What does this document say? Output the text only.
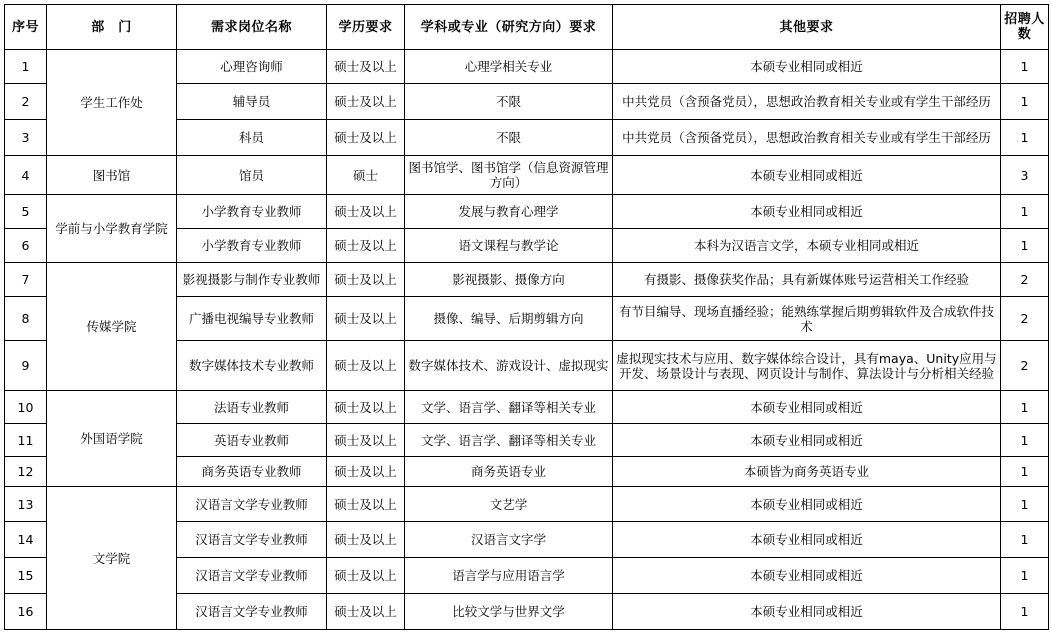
序号	部　门	需求岗位名称	学历要求	学科或专业（研究方向）要求	其他要求	招聘人数
1	学生工作处	心理咨询师	硕士及以上	心理学相关专业	本硕专业相同或相近	1
2		辅导员	硕士及以上	不限	中共党员（含预备党员），思想政治教育相关专业或有学生干部经历	1
3		科员	硕士及以上	不限	中共党员（含预备党员），思想政治教育相关专业或有学生干部经历	1
4	图书馆	馆员	硕士	图书馆学、图书馆学（信息资源管理方向）	本硕专业相同或相近	3
5	学前与小学教育学院	小学教育专业教师	硕士及以上	发展与教育心理学	本硕专业相同或相近	1
6		小学教育专业教师	硕士及以上	语文课程与教学论	本科为汉语言文学，本硕专业相同或相近	1
7	传媒学院	影视摄影与制作专业教师	硕士及以上	影视摄影、摄像方向	有摄影、摄像获奖作品；具有新媒体账号运营相关工作经验	2
8		广播电视编导专业教师	硕士及以上	摄像、编导、后期剪辑方向	有节目编导、现场直播经验；能熟练掌握后期剪辑软件及合成软件技术	2
9		数字媒体技术专业教师	硕士及以上	数字媒体技术、游戏设计、虚拟现实	虚拟现实技术与应用、数字媒体综合设计，具有maya、Unity应用与开发、场景设计与表现、网页设计与制作、算法设计与分析相关经验	2
10	外国语学院	法语专业教师	硕士及以上	文学、语言学、翻译等相关专业	本硕专业相同或相近	1
11		英语专业教师	硕士及以上	文学、语言学、翻译等相关专业	本硕专业相同或相近	1
12		商务英语专业教师	硕士及以上	商务英语专业	本硕皆为商务英语专业	1
13	文学院	汉语言文学专业教师	硕士及以上	文艺学	本硕专业相同或相近	1
14		汉语言文学专业教师	硕士及以上	汉语言文字学	本硕专业相同或相近	1
15		汉语言文学专业教师	硕士及以上	语言学与应用语言学	本硕专业相同或相近	1
16		汉语言文学专业教师	硕士及以上	比较文学与世界文学	本硕专业相同或相近	1
